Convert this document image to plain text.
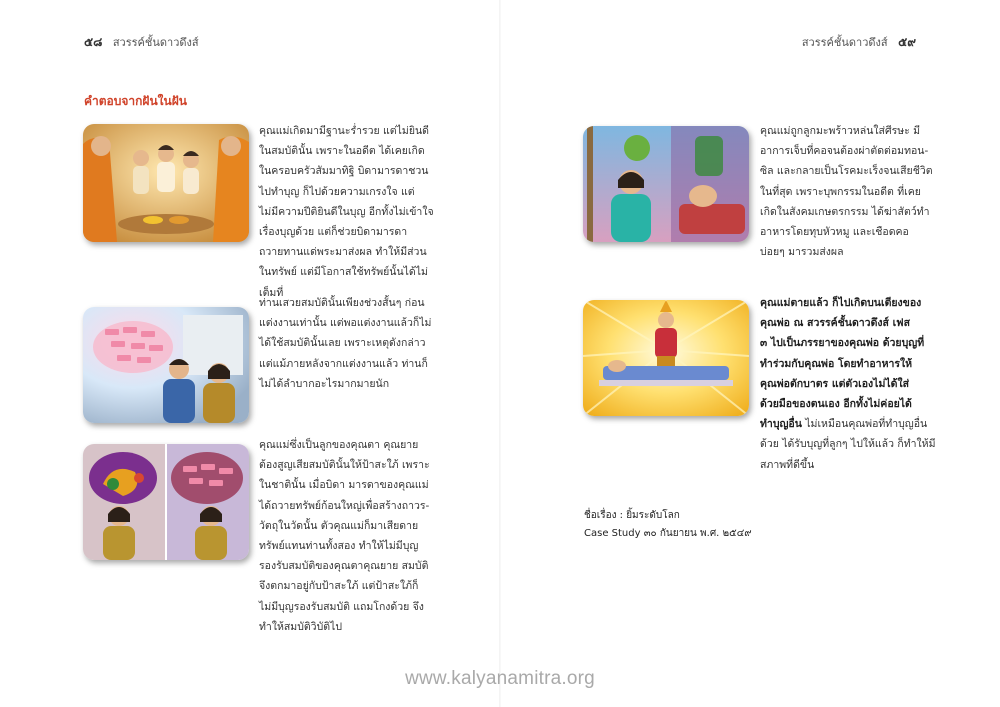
๕๘ สวรรค์ชั้นดาวดึงส์
คำตอบจากฝันในฝัน

คุณแม่เกิดมามีฐานะร่ำรวย แต่ไม่ยินดี
ในสมบัตินั้น เพราะในอดีต ได้เคยเกิด
ในครอบครัวสัมมาทิฐิ บิดามารดาชวน
ไปทำบุญ ก็ไปด้วยความเกรงใจ แต่
ไม่มีความปีติยินดีในบุญ อีกทั้งไม่เข้าใจ
เรื่องบุญด้วย แต่ก็ช่วยบิดามารดา
ถวายทานแด่พระมาส่งผล ทำให้มีส่วน
ในทรัพย์ แต่มีโอกาสใช้ทรัพย์นั้นได้ไม่
เต็มที่

ท่านเสวยสมบัตินั้นเพียงช่วงสั้นๆ ก่อน
แต่งงานเท่านั้น แต่พอแต่งงานแล้วก็ไม่
ได้ใช้สมบัตินั้นเลย เพราะเหตุดังกล่าว
แต่แม้ภายหลังจากแต่งงานแล้ว ท่านก็
ไม่ได้ลำบากอะไรมากมายนัก

คุณแม่ซึ่งเป็นลูกของคุณตา คุณยาย
ต้องสูญเสียสมบัตินั้นให้ป้าสะใภ้ เพราะ
ในชาตินั้น เมื่อบิดา มารดาของคุณแม่
ได้ถวายทรัพย์ก้อนใหญ่เพื่อสร้างถาวร-
วัตถุในวัดนั้น ตัวคุณแม่ก็มาเสียดาย
ทรัพย์แทนท่านทั้งสอง ทำให้ไม่มีบุญ
รองรับสมบัติของคุณตาคุณยาย สมบัติ
จึงตกมาอยู่กับป้าสะใภ้ แต่ป้าสะใภ้ก็
ไม่มีบุญรองรับสมบัติ แถมโกงด้วย จึง
ทำให้สมบัติวิบัติไป

สวรรค์ชั้นดาวดึงส์ ๕๙

คุณแม่ถูกลูกมะพร้าวหล่นใส่ศีรษะ มี
อาการเจ็บที่คอจนต้องผ่าตัดต่อมทอน-
ซิล และกลายเป็นโรคมะเร็งจนเสียชีวิต
ในที่สุด เพราะบุพกรรมในอดีต ที่เคย
เกิดในสังคมเกษตรกรรม ได้ฆ่าสัตว์ทำ
อาหารโดยทุบหัวหมู และเชือดคอ
บ่อยๆ มารวมส่งผล

คุณแม่ตายแล้ว ก็ไปเกิดบนเตียงของ
คุณพ่อ ณ สวรรค์ชั้นดาวดึงส์ เฟส
๓ ไปเป็นภรรยาของคุณพ่อ ด้วยบุญที่
ทำร่วมกับคุณพ่อ โดยทำอาหารให้
คุณพ่อตักบาตร แต่ตัวเองไม่ได้ใส่
ด้วยมือของตนเอง อีกทั้งไม่ค่อยได้
ทำบุญอื่น ไม่เหมือนคุณพ่อที่ทำบุญอื่น
ด้วย ได้รับบุญที่ลูกๆ ไปให้แล้ว ก็ทำให้มี
สภาพที่ดีขึ้น

ชื่อเรื่อง : ยิ้มระดับโลก
Case Study ๓๐ กันยายน พ.ศ. ๒๕๔๙
www.kalyanamitra.org
